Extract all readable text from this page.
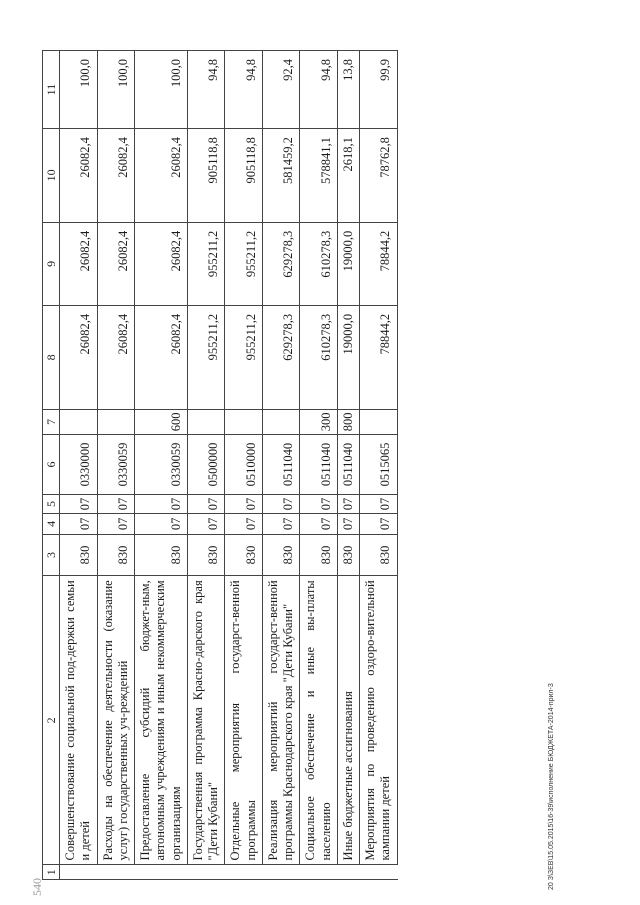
1	2	3	4	5	6	7	8	9	10	11
	Совершенствование социальной под-держки семьи и детей	830	07	07	0330000		26082,4	26082,4	26082,4	100,0
	Расходы на обеспечение деятельности (оказание услуг) государственных уч-реждений	830	07	07	0330059		26082,4	26082,4	26082,4	100,0
	Предоставление субсидий бюджет-ным, автономным учреждениям и иным некоммерческим организациям	830	07	07	0330059	600	26082,4	26082,4	26082,4	100,0
	Государственная программа Красно-дарского края "Дети Кубани"	830	07	07	0500000		955211,2	955211,2	905118,8	94,8
	Отдельные мероприятия государст-венной программы	830	07	07	0510000		955211,2	955211,2	905118,8	94,8
	Реализация мероприятий государст-венной программы Краснодарского края "Дети Кубани"	830	07	07	0511040		629278,3	629278,3	581459,2	92,4
	Социальное обеспечение и иные вы-платы населению	830	07	07	0511040	300	610278,3	610278,3	578841,1	94,8
	Иные бюджетные ассигнования	830	07	07	0511040	800	19000,0	19000,0	2618,1	13,8
	Мероприятия по проведению оздоро-вительной кампании детей	830	07	07	0515065		78844,2	78844,2	78762,8	99,9
20 З\ЗЕВ\15.05.2015\16-39\исполнение БЮДЖЕТА-2014-прил-3
540
